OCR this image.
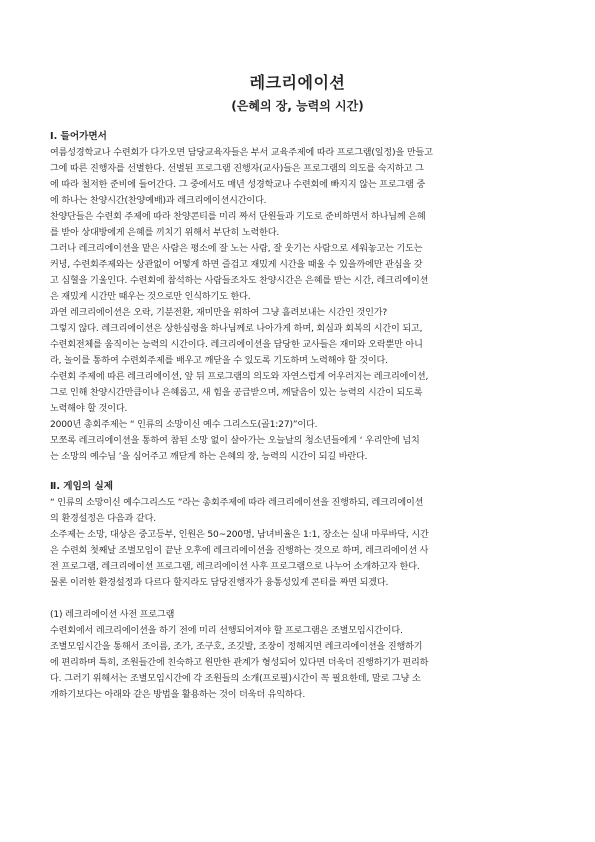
레크리에이션
(은혜의 장, 능력의 시간)
Ⅰ. 들어가면서
여름성경학교나 수련회가 다가오면 담당교육자들은 부서 교육주제에 따라 프로그램(일정)을 만들고
그에 따른 진행자를 선별한다. 선별된 프로그램 진행자(교사)들은 프로그램의 의도를 숙지하고 그
에 따라 철저한 준비에 들어간다. 그 중에서도 매년 성경학교나 수련회에 빠지지 않는 프로그램 중
에 하나는 찬양시간(찬양예배)과 레크리에이션시간이다.
찬양단들은 수련회 주제에 따라 찬양콘티를 미리 짜서 단원들과 기도로 준비하면서 하나님께 은혜
를 받아 상대방에게 은혜를 끼치기 위해서 부단히 노력한다.
그러나 레크리에이션을 맡은 사람은 평소에 잘 노는 사람, 잘 웃기는 사람으로 세워놓고는 기도는
커녕, 수련회주제와는 상관없이 어떻게 하면 즐겁고 재밌게 시간을 때울 수 있을까에만 관심을 갖
고 심혈을 기울인다. 수련회에 참석하는 사람들조차도 찬양시간은 은혜를 받는 시간, 레크리에이션
은 재밌게 시간만 때우는 것으로만 인식하기도 한다.
과연 레크리에이션은 오락, 기분전환, 재미만을 위하여 그냥 흘려보내는 시간인 것인가?
그렇지 않다. 레크리에이션은 상한심령을 하나님께로 나아가게 하며, 회심과 회복의 시간이 되고,
수련회전체를 움직이는 능력의 시간이다. 레크리에이션을 담당한 교사들은 재미와 오락뿐만 아니
라, 놀이를 통하여 수련회주제를 배우고 깨닫을 수 있도록 기도하며 노력해야 할 것이다.
수련회 주제에 따른 레크리에이션, 앞 뒤 프로그램의 의도와 자연스럽게 어우러지는 레크리에이션,
그로 인해 찬양시간만큼이나 은혜롭고, 새 힘을 공급받으며, 깨달음이 있는 능력의 시간이 되도록
노력해야 할 것이다.
2000년 총회주제는 “ 인류의 소망이신 예수 그리스도(골1:27)”이다.
모쪼록 레크리에이션을 통하여 참된 소망 없이 살아가는 오늘날의 청소년들에게 ‘ 우리안에 넘치
는 소망의 예수님 ’을 심어주고 깨닫게 하는 은혜의 장, 능력의 시간이 되길 바란다.
Ⅱ. 게임의 실제
“ 인류의 소망이신 예수그리스도 ”라는 총회주제에 따라 레크리에이션을 진행하되, 레크리에이션
의 환경설정은 다음과 같다.
소주제는 소망, 대상은 중고등부, 인원은 50~200명, 남녀비율은 1:1, 장소는 실내 마루바닥, 시간
은 수련회 첫째날 조별모임이 끝난 오후에 레크리에이션을 진행하는 것으로 하며, 레크리에이션 사
전 프로그램, 레크리에이션 프로그램, 레크리에이션 사후 프로그램으로 나누어 소개하고자 한다.
물론 이러한 환경설정과 다르다 할지라도 담당진행자가 융통성있게 콘티를 짜면 되겠다.
(1) 레크리에이션 사전 프로그램
수련회에서 레크리에이션을 하기 전에 미리 선행되어져야 할 프로그램은 조별모임시간이다.
조별모임시간을 통해서 조이름, 조가, 조구호, 조깃발, 조장이 정해지면 레크리에이션을 진행하기
에 편리하며 특히, 조원들간에 친숙하고 원만한 관계가 형성되어 있다면 더욱더 진행하기가 편리하
다. 그러기 위해서는 조별모임시간에 각 조원들의 소개(프로필)시간이 꼭 필요한데, 말로 그냥 소
개하기보다는 아래와 같은 방법을 활용하는 것이 더욱더 유익하다.
